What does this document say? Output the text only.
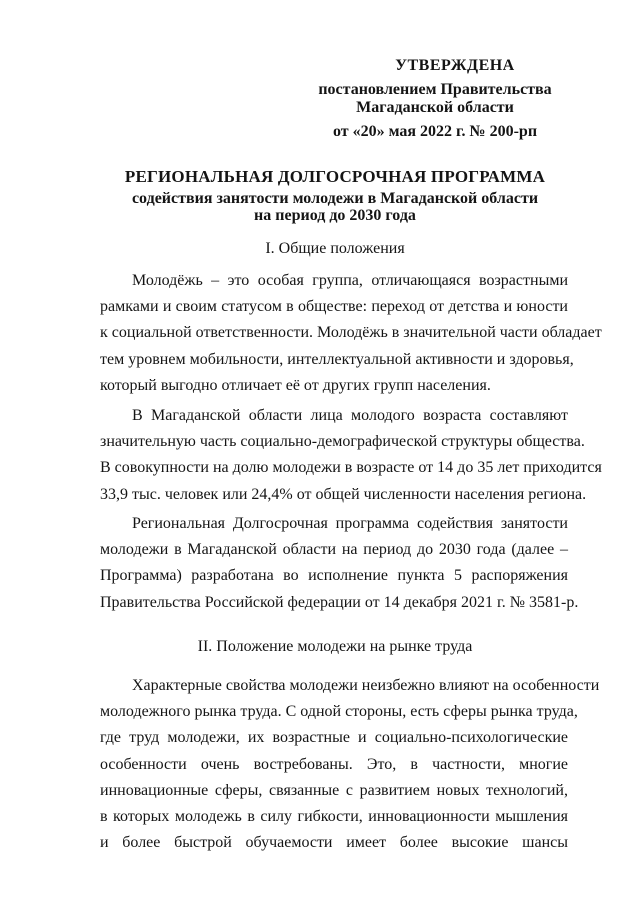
УТВЕРЖДЕНА
постановлением Правительства
Магаданской области
от «20» мая 2022 г. № 200-рп
РЕГИОНАЛЬНАЯ ДОЛГОСРОЧНАЯ ПРОГРАММА
содействия занятости молодежи в Магаданской области
на период до 2030 года
I. Общие положения
Молодёжь – это особая группа, отличающаяся возрастными
рамками и своим статусом в обществе: переход от детства и юности
к социальной ответственности. Молодёжь в значительной части обладает
тем уровнем мобильности, интеллектуальной активности и здоровья,
который выгодно отличает её от других групп населения.
В Магаданской области лица молодого возраста составляют
значительную часть социально-демографической структуры общества.
В совокупности на долю молодежи в возрасте от 14 до 35 лет приходится
33,9 тыс. человек или 24,4% от общей численности населения региона.
Региональная Долгосрочная программа содействия занятости
молодежи в Магаданской области на период до 2030 года (далее –
Программа) разработана во исполнение пункта 5 распоряжения
Правительства Российской федерации от 14 декабря 2021 г. № 3581-р.
II. Положение молодежи на рынке труда
Характерные свойства молодежи неизбежно влияют на особенности
молодежного рынка труда. С одной стороны, есть сферы рынка труда,
где труд молодежи, их возрастные и социально-психологические
особенности очень востребованы. Это, в частности, многие
инновационные сферы, связанные с развитием новых технологий,
в которых молодежь в силу гибкости, инновационности мышления
и более быстрой обучаемости имеет более высокие шансы
